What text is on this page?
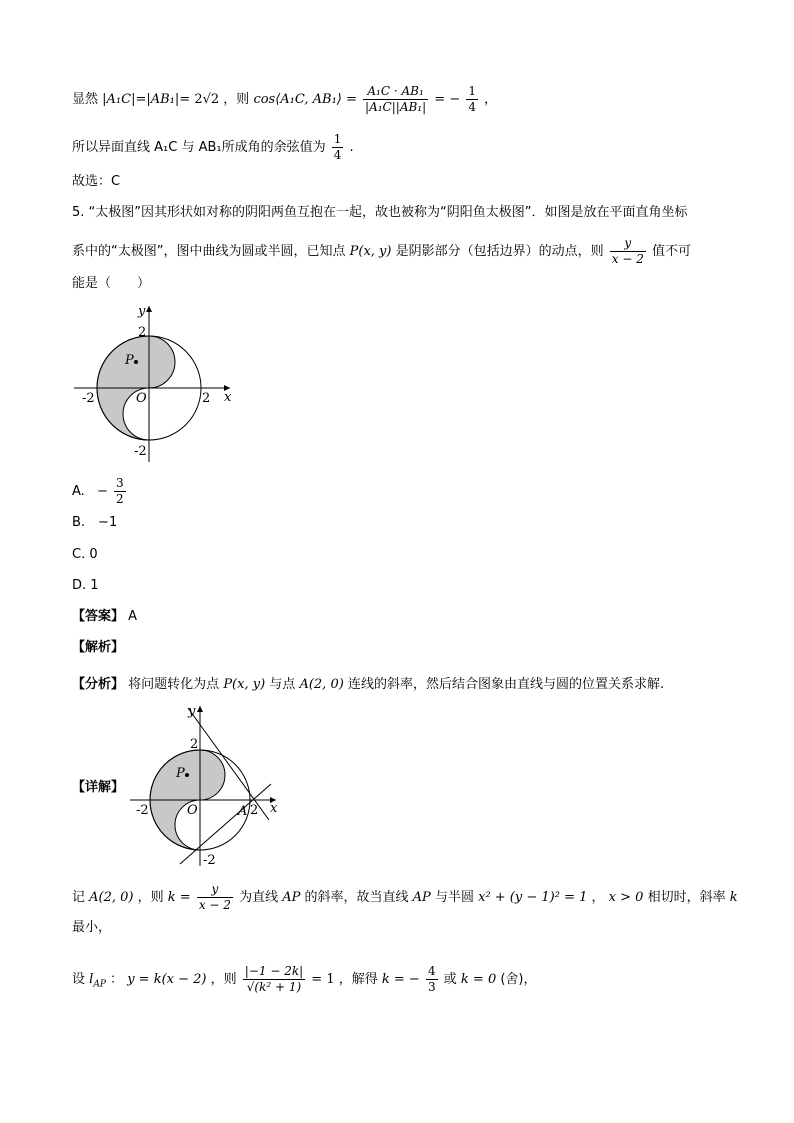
显然 |A₁C|=|AB₁|= 2√2 ，则 cos⟨A₁C, AB₁⟩ = $\frac{\text{A₁C · AB₁}}{\text{|A₁C||AB₁|}}$ = − $\frac{1}{4}$ ，
所以异面直线 A₁C 与 AB₁所成角的余弦值为 $\frac{1}{4}$ .
故选：C
5. “太极图”因其形状如对称的阴阳两鱼互抱在一起，故也被称为“阴阳鱼太极图”．如图是放在平面直角坐标
系中的“太极图”，图中曲线为圆或半圆，已知点 P(x, y) 是阴影部分（包括边界）的动点，则 $\frac{y}{x - 2}$ 值不可
能是（　　）
y
x
P
O
2
-2	2
-2
A. − $\frac{3}{2}$
B.　−1
C. 0
D. 1
【答案】 A
【解析】
【分析】 将问题转化为点 P(x, y) 与点 A(2, 0) 连线的斜率，然后结合图象由直线与圆的位置关系求解.
【详解】
y
x
P
O	A
2
-2	2
-2
记 A(2, 0) ，则 $k = \frac{y}{x - 2}$ 为直线 AP 的斜率，故当直线 AP 与半圆 x² + (y − 1)² = 1 ， x > 0 相切时，斜率 k
最小，
设 $l_{AP}$ ： y = k(x − 2) ，则 $\frac{|-1 - 2k|}{\text{√(k² + 1)}} = 1$ ，解得 k = − $\frac{4}{3}$ 或 k = 0 (舍)，
